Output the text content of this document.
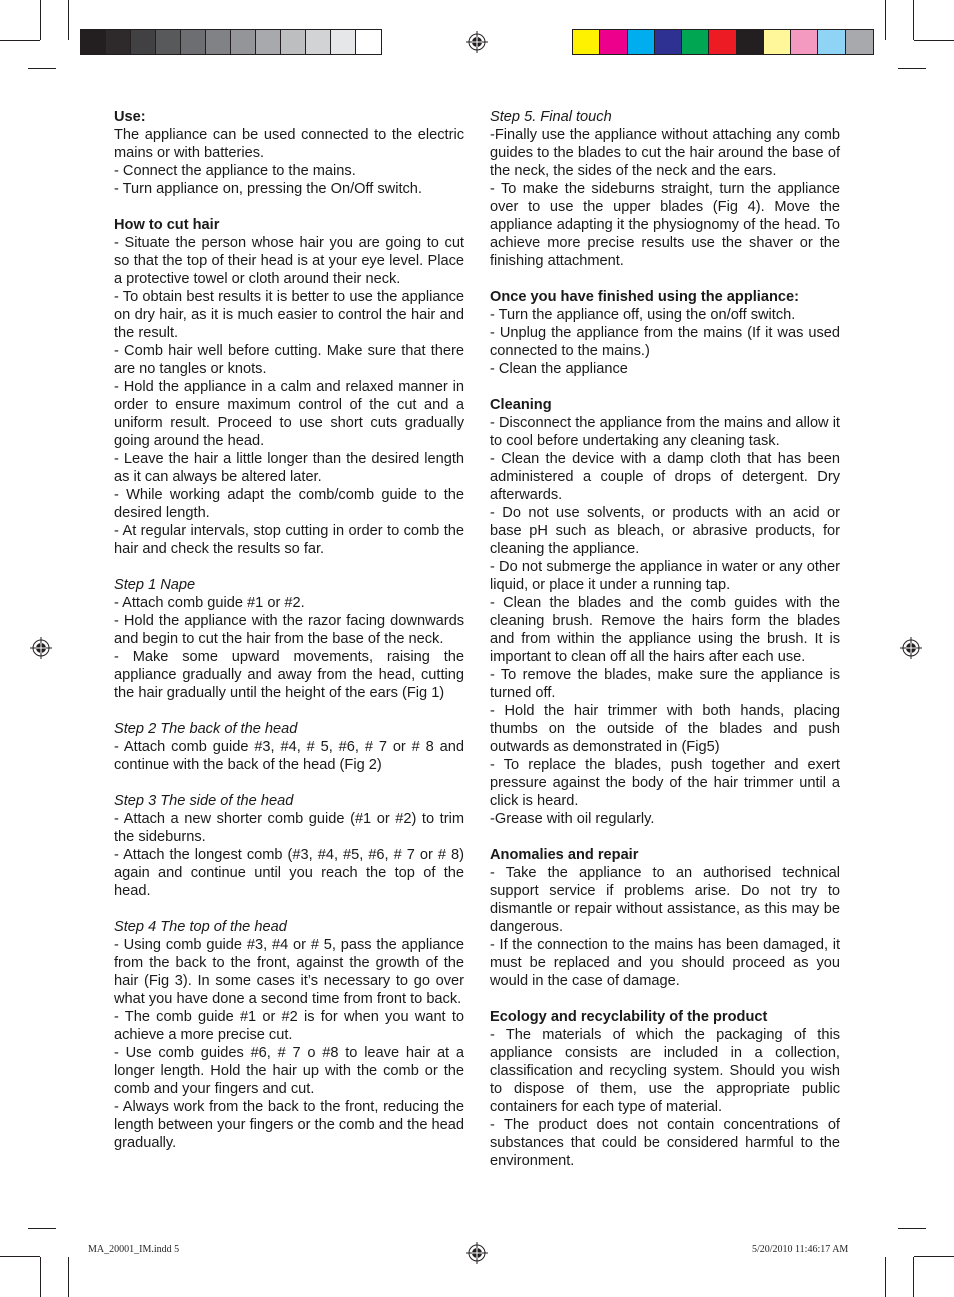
Use:

The appliance can be used connected to the electric mains or with batteries.

- Connect the appliance to the mains.

- Turn appliance on, pressing the On/Off switch.

How to cut hair

- Situate the person whose hair you are going to cut so that the top of their head is at your eye level. Place a protective towel or cloth around their neck.

- To obtain best results it is better to use the appliance on dry hair, as it is much easier to control the hair and the result.

- Comb hair well before cutting. Make sure that there are no tangles or knots.

- Hold the appliance in a calm and relaxed manner in order to ensure maximum control of the cut and a uniform result. Proceed to use short cuts gradually going around the head.

- Leave the hair a little longer than the desired length as it can always be altered later.

- While working adapt the comb/comb guide to the desired length.

- At regular intervals, stop cutting in order to comb the hair and check the results so far.

Step 1 Nape

- Attach comb guide #1 or #2.

- Hold the appliance with the razor facing downwards and begin to cut the hair from the base of the neck.

- Make some upward movements, raising the appliance gradually and away from the head, cutting the hair gradually until the height of the ears (Fig 1)

Step 2 The back of the head

- Attach comb guide #3, #4, # 5, #6, # 7 or # 8 and continue with the back of the head (Fig 2)

Step 3 The side of the head

- Attach a new shorter comb guide (#1 or #2) to trim the sideburns.

- Attach the longest comb (#3, #4, #5, #6, # 7 or # 8) again and continue until you reach the top of the head.

Step 4 The top of the head

- Using comb guide #3, #4 or # 5, pass the appliance from the back to the front, against the growth of the hair (Fig 3). In some cases it’s necessary to go over what you have done a second time from front to back.

- The comb guide #1 or #2 is for when you want to achieve a more precise cut.

- Use comb guides #6, # 7 o #8 to leave hair at a longer length. Hold the hair up with the comb or the comb and your fingers and cut.

- Always work from the back to the front, reducing the length between your fingers or the comb and the head gradually.

Step 5. Final touch

-Finally use the appliance without attaching any comb guides to the blades to cut the hair around the base of the neck, the sides of the neck and the ears.

- To make the sideburns straight, turn the appliance over to use the upper blades (Fig 4). Move the appliance adapting it the physiognomy of the head. To achieve more precise results use the shaver or the finishing attachment.

Once you have finished using the appliance:

- Turn the appliance off, using the on/off switch.

- Unplug the appliance from the mains (If it was used connected to the mains.)

- Clean the appliance

Cleaning

- Disconnect the appliance from the mains and allow it to cool before undertaking any cleaning task.

- Clean the device with a damp cloth that has been administered a couple of drops of detergent. Dry afterwards.

- Do not use solvents, or products with an acid or base pH such as bleach, or abrasive products, for cleaning the appliance.

- Do not submerge the appliance in water or any other liquid, or place it under a running tap.

- Clean the blades and the comb guides with the cleaning brush. Remove the hairs form the blades and from within the appliance using the brush. It is important to clean off all the hairs after each use.

- To remove the blades, make sure the appliance is turned off.

- Hold the hair trimmer with both hands, placing thumbs on the outside of the blades and push outwards as demonstrated in (Fig5)

- To replace the blades, push together and exert pressure against the body of the hair trimmer until a click is heard.

-Grease with oil regularly.

Anomalies and repair

- Take the appliance to an authorised technical support service if problems arise. Do not try to dismantle or repair without assistance, as this may be dangerous.

- If the connection to the mains has been damaged, it must be replaced and you should proceed as you would in the case of damage.

Ecology and recyclability of the product

- The materials of which the packaging of this appliance consists are included in a collection, classification and recycling system. Should you wish to dispose of them, use the appropriate public containers for each type of material.

- The product does not contain concentrations of substances that could be considered harmful to the environment.

MA_20001_IM.indd 5	5/20/2010 11:46:17 AM
